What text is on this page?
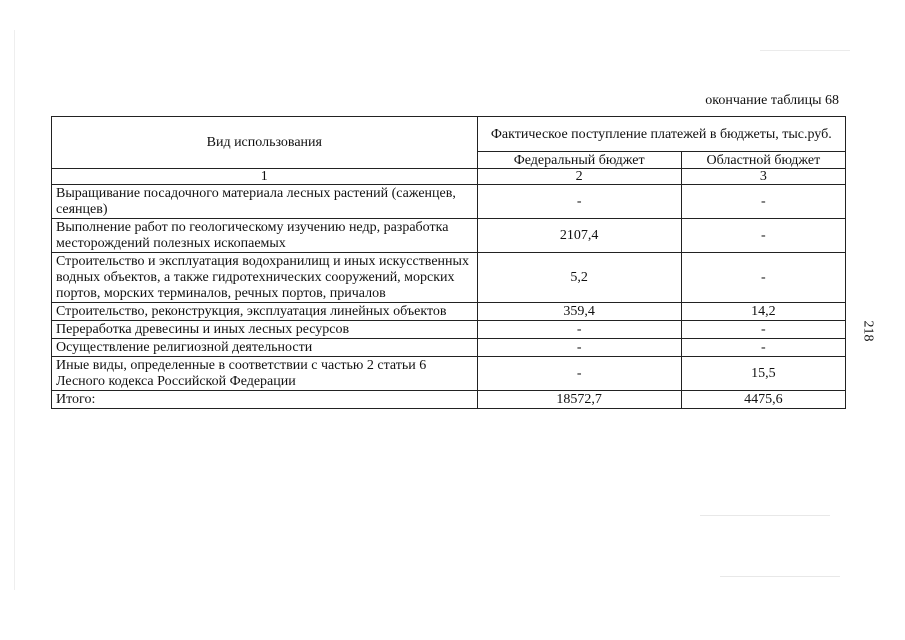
окончание таблицы 68
218
Вид использования	Фактическое поступление платежей в бюджеты, тыс.руб.	
	Федеральный бюджет	Областной бюджет
1	2	3
Выращивание посадочного материала лесных растений (саженцев, сеянцев)	-	-
Выполнение работ по геологическому изучению недр, разработка месторождений полезных ископаемых	2107,4	-
Строительство и эксплуатация водохранилищ и иных искусственных водных объектов, а также гидротехнических сооружений, морских портов, морских терминалов, речных портов, причалов	5,2	-
Строительство, реконструкция, эксплуатация линейных объектов	359,4	14,2
Переработка древесины и иных лесных ресурсов	-	-
Осуществление религиозной деятельности	-	-
Иные виды, определенные в соответствии с частью 2 статьи 6 Лесного кодекса Российской Федерации	-	15,5
Итого:	18572,7	4475,6
